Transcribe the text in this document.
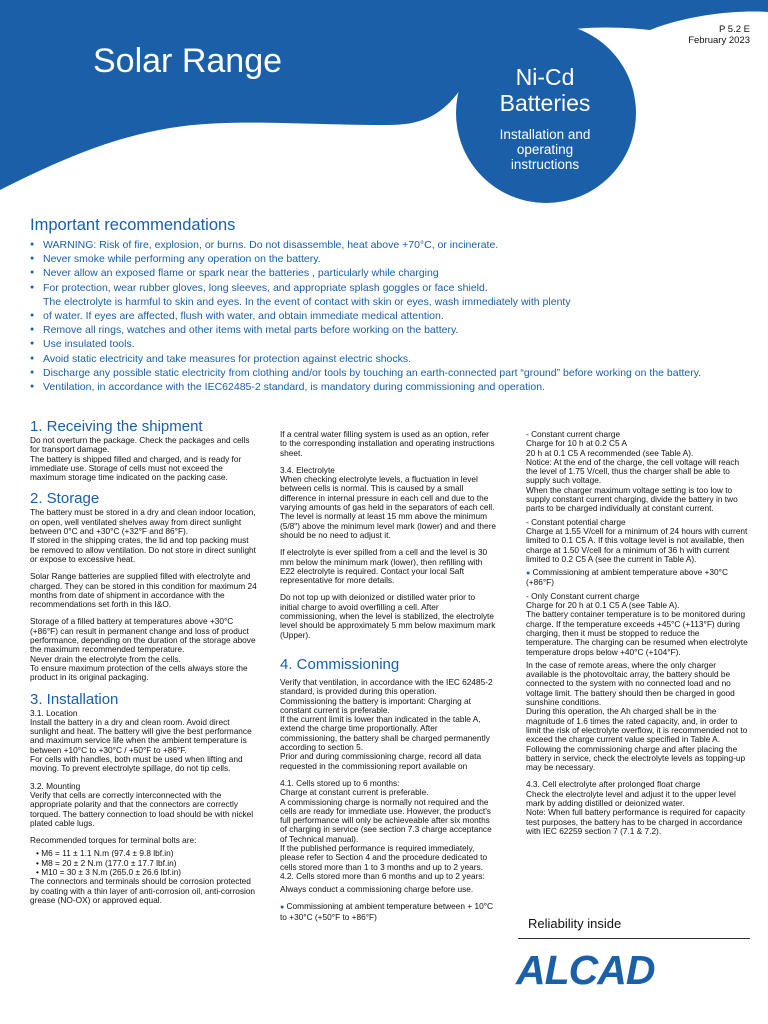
P 5.2 E
February 2023
Solar Range	Ni-Cd
Batteries
Installation and
operating
instructions
Important recommendations
● WARNING: Risk of fire, explosion, or burns. Do not disassemble, heat above +70°C, or incinerate.
● Never smoke while performing any operation on the battery.
● Never allow an exposed flame or spark near the batteries , particularly while charging
● For protection, wear rubber gloves, long sleeves, and appropriate splash goggles or face shield.
The electrolyte is harmful to skin and eyes. In the event of contact with skin or eyes, wash immediately with plenty
● of water. If eyes are affected, flush with water, and obtain immediate medical attention.
● Remove all rings, watches and other items with metal parts before working on the battery.
● Use insulated tools.
● Avoid static electricity and take measures for protection against electric shocks.
● Discharge any possible static electricity from clothing and/or tools by touching an earth-connected part “ground” before working on the battery.
● Ventilation, in accordance with the IEC62485-2 standard, is mandatory during commissioning and operation.

1. Receiving the shipment

Do not overturn the package. Check the packages and cells for transport damage.

The battery is shipped filled and charged, and is ready for immediate use. Storage of cells must not exceed the maximum storage time indicated on the packing case.

2. Storage

The battery must be stored in a dry and clean indoor location, on open, well ventilated shelves away from direct sunlight between 0°C and +30°C (+32°F and 86°F).

If stored in the shipping crates, the lid and top packing must be removed to allow ventilation. Do not store in direct sunlight or expose to excessive heat.

Solar Range batteries are supplied filled with electrolyte and charged. They can be stored in this condition for maximum 24 months from date of shipment in accordance with the recommendations set forth in this I&O.

Storage of a filled battery at temperatures above +30°C (+86°F) can result in permanent change and loss of product performance, depending on the duration of the storage above the maximum recommended temperature.

Never drain the electrolyte from the cells.

To ensure maximum protection of the cells always store the product in its original packaging.

3. Installation

3.1. Location

Install the battery in a dry and clean room. Avoid direct sunlight and heat. The battery will give the best performance and maximum service life when the ambient temperature is between +10°C to +30°C / +50°F to +86°F.

For cells with handles, both must be used when lifting and moving. To prevent electrolyte spillage, do not tip cells.

3.2. Mounting

Verify that cells are correctly interconnected with the appropriate polarity and that the connectors are correctly torqued. The battery connection to load should be with nickel plated cable lugs.

Recommended torques for terminal bolts are:

• M6 = 11 ± 1.1 N.m (97.4 ± 9.8 lbf.in)

• M8 = 20 ± 2 N.m (177.0 ± 17.7 lbf.in)

• M10 = 30 ± 3 N.m (265.0 ± 26.6 lbf.in)

The connectors and terminals should be corrosion protected by coating with a thin layer of anti-corrosion oil, anti-corrosion grease (NO-OX) or approved equal.

If a central water filling system is used as an option, refer to the corresponding installation and operating instructions sheet.

3.4. Electrolyte

When checking electrolyte levels, a fluctuation in level between cells is normal. This is caused by a small difference in internal pressure in each cell and due to the varying amounts of gas held in the separators of each cell. The level is normally at least 15 mm above the minimum (5/8") above the minimum level mark (lower) and and there should be no need to adjust it.

If electrolyte is ever spilled from a cell and the level is 30 mm below the minimum mark (lower), then refilling with E22 electrolyte is required. Contact your local Saft representative for more details.

Do not top up with deionized or distilled water prior to initial charge to avoid overfilling a cell. After commissioning, when the level is stabilized, the electrolyte level should be approximately 5 mm below maximum mark (Upper).

4. Commissioning

Verify that ventilation, in accordance with the IEC 62485-2 standard, is provided during this operation.

Commissioning the battery is important: Charging at constant current is preferable.

If the current limit is lower than indicated in the table A, extend the charge time proportionally. After commissioning, the battery shall be charged permanently according to section 5.

Prior and during commissioning charge, record all data requested in the commissioning report available on

4.1. Cells stored up to 6 months:

Charge at constant current is preferable.

A commissioning charge is normally not required and the cells are ready for immediate use. However, the product's full performance will only be achieveable after six months of charging in service (see section 7.3 charge acceptance of Technical manual).

If the published performance is required immediately, please refer to Section 4 and the procedure dedicated to cells stored more than 1 to 3 months and up to 2 years.

4.2. Cells stored more than 6 months and up to 2 years:

Always conduct a commissioning charge before use.

● Commissioning at ambient temperature between + 10°C to +30°C (+50°F to +86°F)

- Constant current charge

Charge for 10 h at 0.2 C5 A

20 h at 0.1 C5 A recommended (see Table A).

Notice: At the end of the charge, the cell voltage will reach the level of 1.75 V/cell, thus the charger shall be able to supply such voltage.

When the charger maximum voltage setting is too low to supply constant current charging, divide the battery in two parts to be charged individually at constant current.

- Constant potential charge

Charge at 1.55 V/cell for a minimum of 24 hours with current limited to 0.1 C5 A. If this voltage level is not available, then charge at 1.50 V/cell for a minimum of 36 h with current limited to 0.2 C5 A (see the current in Table A).

● Commissioning at ambient temperature above +30°C (+86°F)

- Only Constant current charge

Charge for 20 h at 0.1 C5 A (see Table A).

The battery container temperature is to be monitored during charge. If the temperature exceeds +45°C (+113°F) during charging, then it must be stopped to reduce the temperature. The charging can be resumed when electrolyte temperature drops below +40°C (+104°F).

In the case of remote areas, where the only charger available is the photovoltaic array, the battery should be connected to the system with no connected load and no voltage limit. The battery should then be charged in good sunshine conditions.

During this operation, the Ah charged shall be in the magnitude of 1.6 times the rated capacity, and, in order to limit the risk of electrolyte overflow, it is recommended not to exceed the charge current value specified in Table A.

Following the commissioning charge and after placing the battery in service, check the electrolyte levels as topping-up may be necessary.

4.3. Cell electrolyte after prolonged float charge

Check the electrolyte level and adjust it to the upper level mark by adding distilled or deionized water.

Note: When full battery performance is required for capacity test purposes, the battery has to be charged in accordance with IEC 62259 section 7 (7.1 & 7.2).

Reliability inside
ALCAD
